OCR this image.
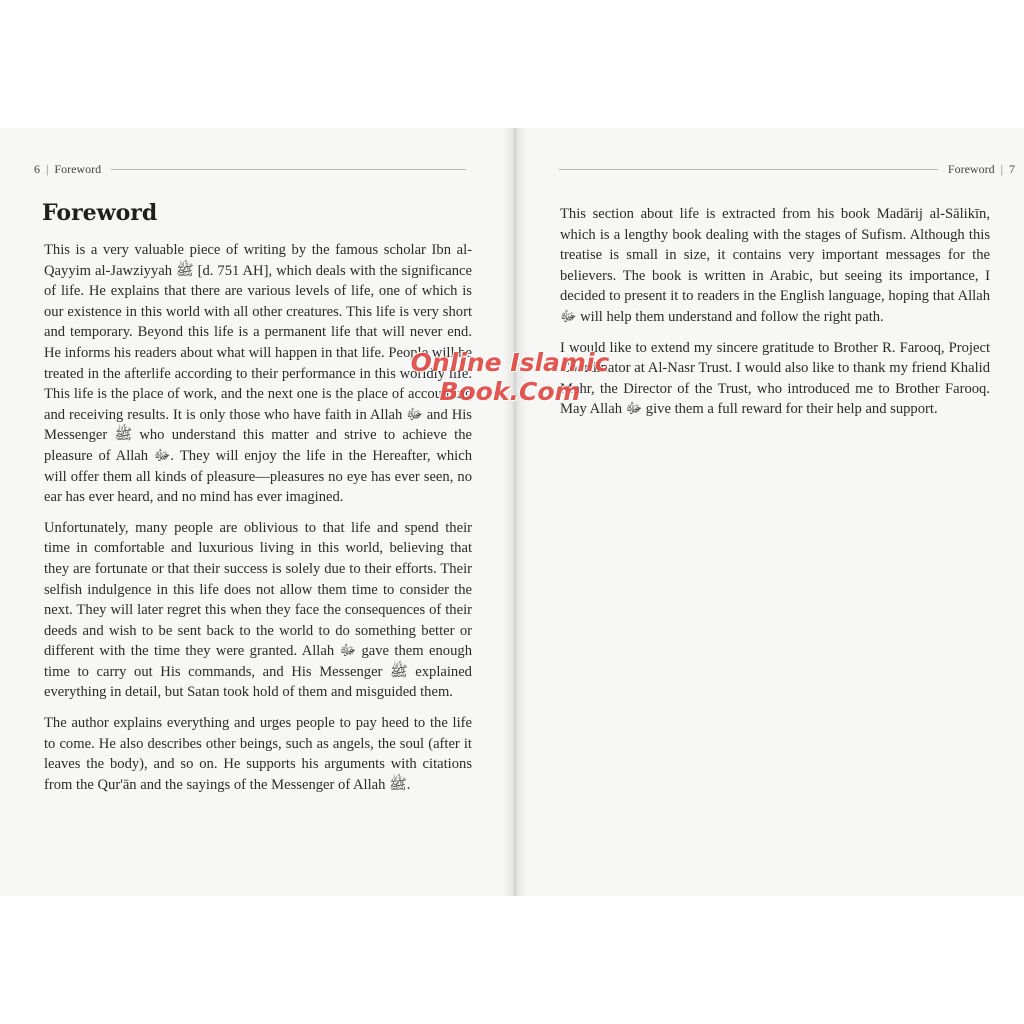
6 | Foreword
Foreword

This is a very valuable piece of writing by the famous scholar Ibn al-Qayyim al-Jawziyyah ﷺ [d. 751 AH], which deals with the significance of life. He explains that there are various levels of life, one of which is our existence in this world with all other creatures. This life is very short and temporary. Beyond this life is a permanent life that will never end. He informs his readers about what will happen in that life. People will be treated in the afterlife according to their performance in this worldly life. This life is the place of work, and the next one is the place of accounting and receiving results. It is only those who have faith in Allah ﷻ and His Messenger ﷺ who understand this matter and strive to achieve the pleasure of Allah ﷻ. They will enjoy the life in the Hereafter, which will offer them all kinds of pleasure—pleasures no eye has ever seen, no ear has ever heard, and no mind has ever imagined.

Unfortunately, many people are oblivious to that life and spend their time in comfortable and luxurious living in this world, believing that they are fortunate or that their success is solely due to their efforts. Their selfish indulgence in this life does not allow them time to consider the next. They will later regret this when they face the consequences of their deeds and wish to be sent back to the world to do something better or different with the time they were granted. Allah ﷻ gave them enough time to carry out His commands, and His Messenger ﷺ explained everything in detail, but Satan took hold of them and misguided them.

The author explains everything and urges people to pay heed to the life to come. He also describes other beings, such as angels, the soul (after it leaves the body), and so on. He supports his arguments with citations from the Qur'ān and the sayings of the Messenger of Allah ﷺ.

Foreword | 7

This section about life is extracted from his book Madārij al-Sālikīn, which is a lengthy book dealing with the stages of Sufism. Although this treatise is small in size, it contains very important messages for the believers. The book is written in Arabic, but seeing its importance, I decided to present it to readers in the English language, hoping that Allah ﷻ will help them understand and follow the right path.

I would like to extend my sincere gratitude to Brother R. Farooq, Project Coordinator at Al-Nasr Trust. I would also like to thank my friend Khalid Mehr, the Director of the Trust, who introduced me to Brother Farooq. May Allah ﷻ give them a full reward for their help and support.

Online Islamic
Book.Com
